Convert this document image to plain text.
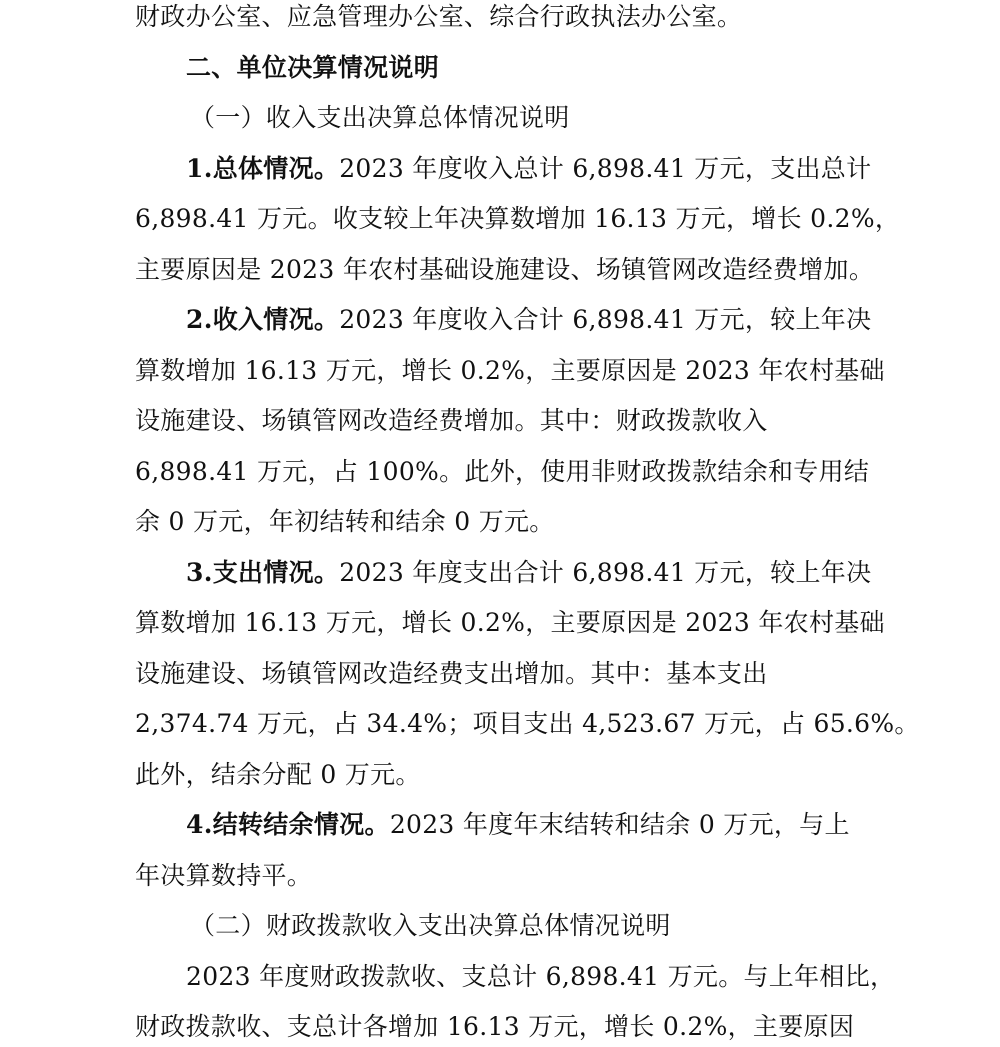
财政办公室、应急管理办公室、综合行政执法办公室。
二、单位决算情况说明
（一）收入支出决算总体情况说明
1.总体情况。2023 年度收入总计 6,898.41 万元，支出总计
6,898.41 万元。收支较上年决算数增加 16.13 万元，增长 0.2%，
主要原因是 2023 年农村基础设施建设、场镇管网改造经费增加。
2.收入情况。2023 年度收入合计 6,898.41 万元，较上年决
算数增加 16.13 万元，增长 0.2%，主要原因是 2023 年农村基础
设施建设、场镇管网改造经费增加。其中：财政拨款收入
6,898.41 万元，占 100%。此外，使用非财政拨款结余和专用结
余 0 万元，年初结转和结余 0 万元。
3.支出情况。2023 年度支出合计 6,898.41 万元，较上年决
算数增加 16.13 万元，增长 0.2%，主要原因是 2023 年农村基础
设施建设、场镇管网改造经费支出增加。其中：基本支出
2,374.74 万元，占 34.4%；项目支出 4,523.67 万元，占 65.6%。
此外，结余分配 0 万元。
4.结转结余情况。2023 年度年末结转和结余 0 万元，与上
年决算数持平。
（二）财政拨款收入支出决算总体情况说明
2023 年度财政拨款收、支总计 6,898.41 万元。与上年相比，
财政拨款收、支总计各增加 16.13 万元，增长 0.2%，主要原因
